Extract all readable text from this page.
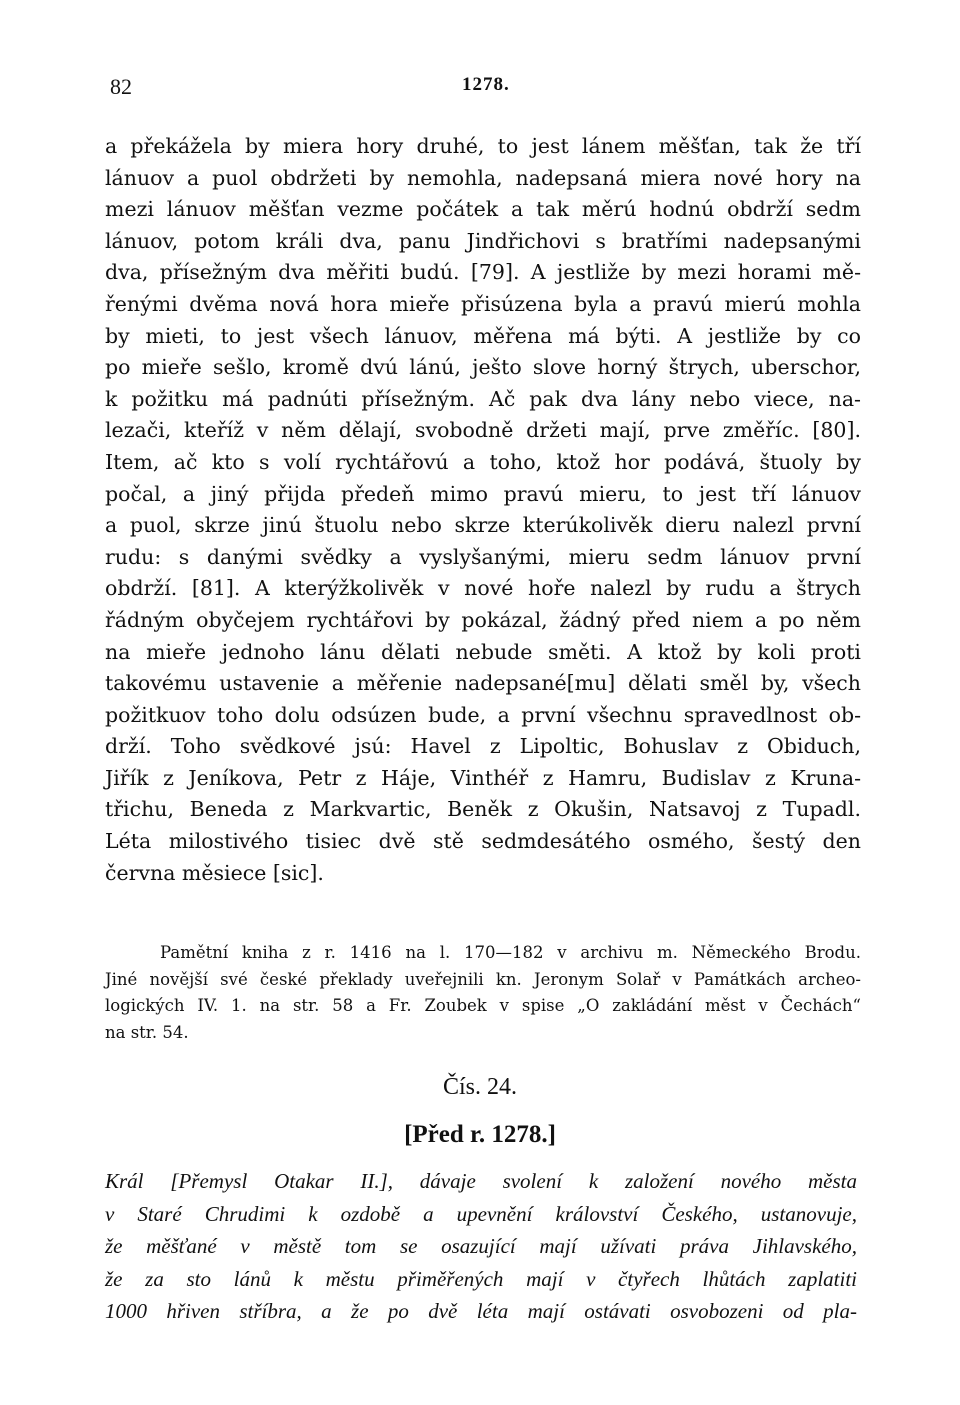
82	1278.
a překážela by miera hory druhé, to jest lánem měšťan, tak že tří
lánuov a puol obdržeti by nemohla, nadepsaná miera nové hory na
mezi lánuov měšťan vezme počátek a tak měrú hodnú obdrží sedm
lánuov, potom králi dva, panu Jindřichovi s bratřími nadepsanými
dva, přísežným dva měřiti budú. [79]. A jestliže by mezi horami mě-
řenými dvěma nová hora mieře přisúzena byla a pravú mierú mohla
by mieti, to jest všech lánuov, měřena má býti. A jestliže by co
po mieře sešlo, kromě dvú lánú, ješto slove horný štrych, uberschor,
k požitku má padnúti přísežným. Ač pak dva lány nebo viece, na-
lezači, kteříž v něm dělají, svobodně držeti mají, prve změříc. [80].
Item, ač kto s volí rychtářovú a toho, ktož hor podává, štuoly by
počal, a jiný přijda předeň mimo pravú mieru, to jest tří lánuov
a puol, skrze jinú štuolu nebo skrze kterúkolivěk dieru nalezl první
rudu: s danými svědky a vyslyšanými, mieru sedm lánuov první
obdrží. [81]. A kterýžkolivěk v nové hoře nalezl by rudu a štrych
řádným obyčejem rychtářovi by pokázal, žádný před niem a po něm
na mieře jednoho lánu dělati nebude směti. A ktož by koli proti
takovému ustavenie a měřenie nadepsané[mu] dělati směl by, všech
požitkuov toho dolu odsúzen bude, a první všechnu spravedlnost ob-
drží. Toho svědkové jsú: Havel z Lipoltic, Bohuslav z Obiduch,
Jiřík z Jeníkova, Petr z Háje, Vinthéř z Hamru, Budislav z Kruna-
třichu, Beneda z Markvartic, Beněk z Okušin, Natsavoj z Tupadl.
Léta milostivého tisiec dvě stě sedmdesátého osmého, šestý den
června měsiece [sic].
Pamětní kniha z r. 1416 na l. 170—182 v archivu m. Německého Brodu.
Jiné novější své české překlady uveřejnili kn. Jeronym Solař v Památkách archeo-
logických IV. 1. na str. 58 a Fr. Zoubek v spise „O zakládání měst v Čechách“
na str. 54.
Čís. 24.
[Před r. 1278.]
Král [Přemysl Otakar II.], dávaje svolení k založení nového města
v Staré Chrudimi k ozdobě a upevnění království Českého, ustanovuje,
že měšťané v městě tom se osazující mají užívati práva Jihlavského,
že za sto lánů k městu přiměřených mají v čtyřech lhůtách zaplatiti
1000 hřiven stříbra, a že po dvě léta mají ostávati osvobozeni od pla-
